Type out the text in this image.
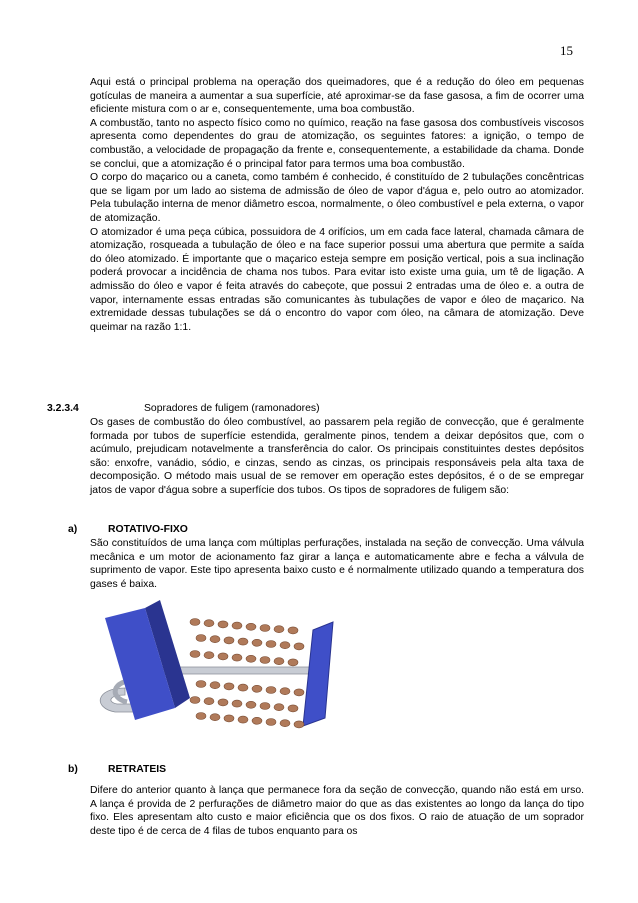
15

Aqui está o principal problema na operação dos queimadores, que é a redução do óleo em pequenas gotículas de maneira a aumentar a sua superfície, até aproximar-se da fase gasosa, a fim de ocorrer uma eficiente mistura com o ar e, consequentemente, uma boa combustão.

A combustão, tanto no aspecto físico como no químico, reação na fase gasosa dos combustíveis viscosos apresenta como dependentes do grau de atomização, os seguintes fatores: a ignição, o tempo de combustão, a velocidade de propagação da frente e, consequentemente, a estabilidade da chama. Donde se conclui, que a atomização é o principal fator para termos uma boa combustão.

O corpo do maçarico ou a caneta, como também é conhecido, é constituído de 2 tubulações concêntricas que se ligam por um lado ao sistema de admissão de óleo de vapor d'água e, pelo outro ao atomizador. Pela tubulação interna de menor diâmetro escoa, normalmente, o óleo combustível e pela externa, o vapor de atomização.

O atomizador é uma peça cúbica, possuidora de 4 orifícios, um em cada face lateral, chamada câmara de atomização, rosqueada a tubulação de óleo e na face superior possui uma abertura que permite a saída do óleo atomizado. É importante que o maçarico esteja sempre em posição vertical, pois a sua inclinação poderá provocar a incidência de chama nos tubos. Para evitar isto existe uma guia, um tê de ligação. A admissão do óleo e vapor é feita através do cabeçote, que possui 2 entradas uma de óleo e. a outra de vapor, internamente essas entradas são comunicantes às tubulações de vapor e óleo de maçarico. Na extremidade dessas tubulações se dá o encontro do vapor com óleo, na câmara de atomização. Deve queimar na razão 1:1.

3.2.3.4	Sopradores de fuligem (ramonadores)

Os gases de combustão do óleo combustível, ao passarem pela região de convecção, que é geralmente formada por tubos de superfície estendida, geralmente pinos, tendem a deixar depósitos que, com o acúmulo, prejudicam notavelmente a transferência do calor. Os principais constituintes destes depósitos são: enxofre, vanádio, sódio, e cinzas, sendo as cinzas, os principais responsáveis pela alta taxa de decomposição. O método mais usual de se remover em operação estes depósitos, é o de se empregar jatos de vapor d'água sobre a superfície dos tubos. Os tipos de sopradores de fuligem são:

a)	ROTATIVO-FIXO

São constituídos de uma lança com múltiplas perfurações, instalada na seção de convecção. Uma válvula mecânica e um motor de acionamento faz girar a lança e automaticamente abre e fecha a válvula de suprimento de vapor. Este tipo apresenta baixo custo e é normalmente utilizado quando a temperatura dos gases é baixa.

b)	RETRATEIS

Difere do anterior quanto à lança que permanece fora da seção de convecção, quando não está em urso. A lança é provida de 2 perfurações de diâmetro maior do que as das existentes ao longo da lança do tipo fixo. Eles apresentam alto custo e maior eficiência que os dos fixos. O raio de atuação de um soprador deste tipo é de cerca de 4 filas de tubos enquanto para os
